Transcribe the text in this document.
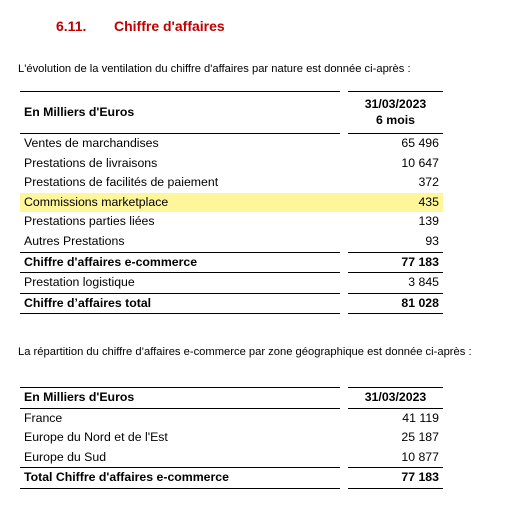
6.11. Chiffre d'affaires
L'évolution de la ventilation du chiffre d'affaires par nature est donnée ci-après :
En Milliers d'Euros		31/03/2023
6 mois
Ventes de marchandises		65 496
Prestations de livraisons		10 647
Prestations de facilités de paiement		372
Commissions marketplace		435
Prestations parties liées		139
Autres Prestations		93
Chiffre d'affaires e-commerce		77 183
Prestation logistique		3 845
Chiffre d’affaires total		81 028
La répartition du chiffre d’affaires e-commerce par zone géographique est donnée ci-après :
En Milliers d'Euros		31/03/2023
France		41 119
Europe du Nord et de l'Est		25 187
Europe du Sud		10 877
Total Chiffre d'affaires e-commerce		77 183
